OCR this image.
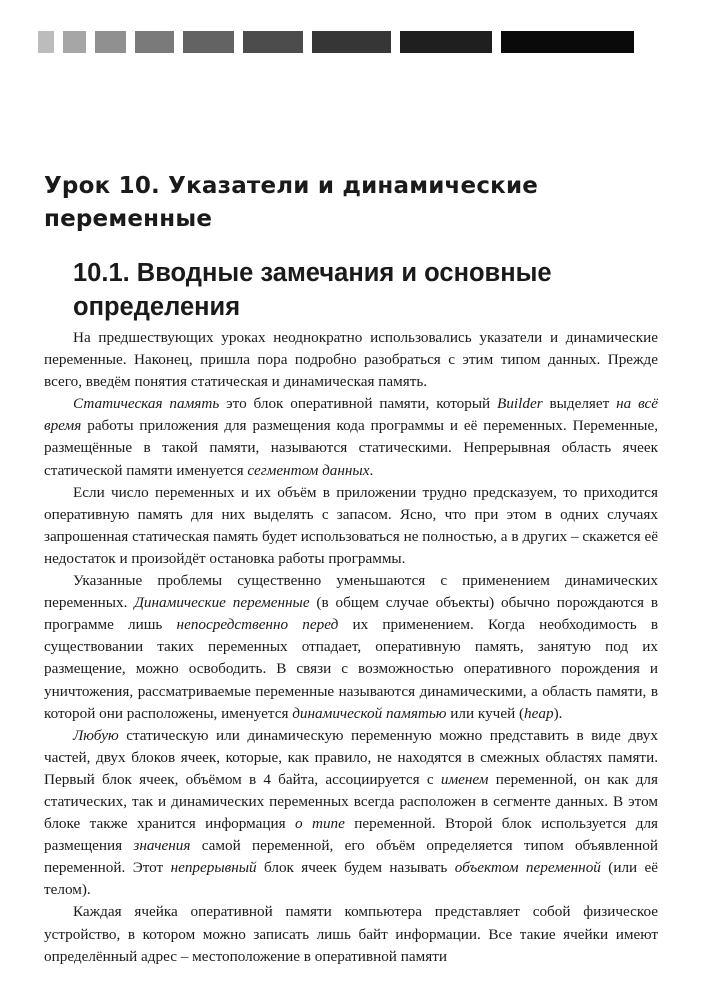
Урок 10. Указатели и динамические переменные
10.1. Вводные замечания и основные определения

На предшествующих уроках неоднократно использовались указатели и динамические переменные. Наконец, пришла пора подробно разобраться с этим типом данных. Прежде всего, введём понятия статическая и динамическая память.

Статическая память это блок оперативной памяти, который Builder выделяет на всё время работы приложения для размещения кода программы и её переменных. Переменные, размещённые в такой памяти, называются статическими. Непрерывная область ячеек статической памяти именуется сегментом данных.

Если число переменных и их объём в приложении трудно предсказуем, то приходится оперативную память для них выделять с запасом. Ясно, что при этом в одних случаях запрошенная статическая память будет использоваться не полностью, а в других – скажется её недостаток и произойдёт остановка работы программы.

Указанные проблемы существенно уменьшаются с применением динамических переменных. Динамические переменные (в общем случае объекты) обычно порождаются в программе лишь непосредственно перед их применением. Когда необходимость в существовании таких переменных отпадает, оперативную память, занятую под их размещение, можно освободить. В связи с возможностью оперативного порождения и уничтожения, рассматриваемые переменные называются динамическими, а область памяти, в которой они расположены, именуется динамической памятью или кучей (heap).

Любую статическую или динамическую переменную можно представить в виде двух частей, двух блоков ячеек, которые, как правило, не находятся в смежных областях памяти. Первый блок ячеек, объёмом в 4 байта, ассоциируется с именем переменной, он как для статических, так и динамических переменных всегда расположен в сегменте данных. В этом блоке также хранится информация о типе переменной. Второй блок используется для размещения значения самой переменной, его объём определяется типом объявленной переменной. Этот непрерывный блок ячеек будем называть объектом переменной (или её телом).

Каждая ячейка оперативной памяти компьютера представляет собой физическое устройство, в котором можно записать лишь байт информации. Все такие ячейки имеют определённый адрес – местоположение в оперативной памяти
